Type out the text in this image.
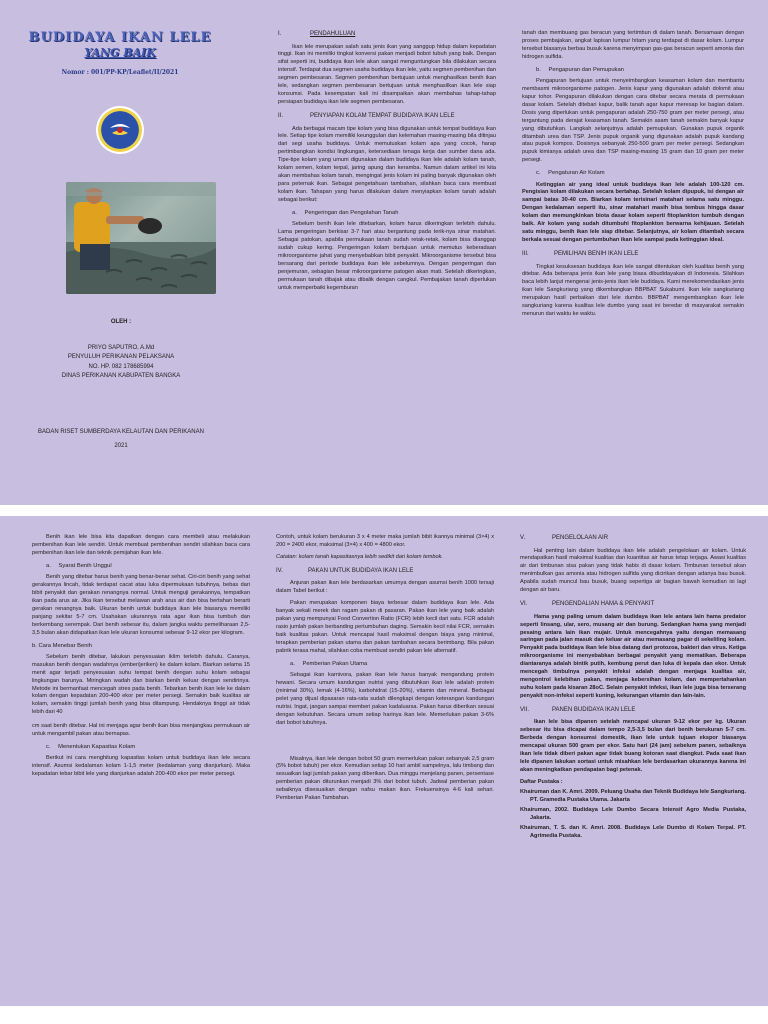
BUDIDAYA IKAN LELE
YANG BAIK
Nomor : 001/PP-KP/Leaflet/II/2021
OLEH :
PRIYO SAPUTRO, A.Md
PENYULUH PERIKANAN PELAKSANA
NO. HP. 082 178685994
DINAS PERIKANAN KABUPATEN BANGKA
BADAN RISET SUMBERDAYA KELAUTAN DAN PERIKANAN
2021
I.	PENDAHULUAN

Ikan lele merupakan salah satu jenis ikan yang sanggup hidup dalam kepadatan tinggi. Ikan ini memiliki tingkat konversi pakan menjadi bobot tubuh yang baik. Dengan sifat seperti ini, budidaya ikan lele akan sangat menguntungkan bila dilakukan secara intensif. Terdapat dua segmen usaha budidaya ikan lele, yaitu segmen pembenihan dan segmen pembesaran. Segmen pembenihan bertujuan untuk menghasilkan benih ikan lele, sedangkan segmen pembesaran bertujuan untuk menghasilkan ikan lele siap konsumsi. Pada kesempatan kali ini disampaikan akan membahas tahap-tahap persiapan budidaya ikan lele segmen pembesaran.

II.	PENYIAPAN KOLAM TEMPAT BUDIDAYA IKAN LELE

Ada berbagai macam tipe kolam yang bisa digunakan untuk tempat budidaya ikan lele. Setiap tipe kolam memiliki keunggulan dan kelemahan masing-masing bila ditinjau dari segi usaha budidaya. Untuk memutuskan kolam apa yang cocok, harap pertimbangkan kondisi lingkungan, ketersediaan tenaga kerja dan sumber dana ada. Tipe-tipe kolam yang umum digunakan dalam budidaya ikan lele adalah kolam tanah, kolam semen, kolam terpal, jaring apung dan keramba. Namun dalam artikel ini kita akan membahas kolam tanah, mengingat jenis kolam ini paling banyak digunakan oleh para peternak ikan. Sebagai pengetahuan tambahan, silahkan baca cara membuat kolam ikan. Tahapan yang harus dilakukan dalam menyiapkan kolam tanah adalah sebagai berikut:

a. Pengeringan dan Pengolahan Tanah

Sebelum benih ikan lele ditebarkan, kolam harus dikeringkan terlebih dahulu. Lama pengeringan berkisar 3-7 hari atau bergantung pada terik-nya sinar matahari. Sebagai patokan, apabila permukaan tanah sudah retak-retak, kolam bisa dianggap sudah cukup kering. Pengeringan kolam bertujuan untuk memutus keberadaan mikroorganisme jahat yang menyebabkan bibit penyakit. Mikroorganisme tersebut bisa bersarang dari periode budidaya ikan lele sebelumnya. Dengan pengeringan dan penjemuran, sebagian besar mikroorganisme patogen akan mati. Setelah dikeringkan, permukaan tanah dibajak atau dibalik dengan cangkul. Pembajakan tanah diperlukan untuk memperbaiki kegemburan

tanah dan membuang gas beracun yang tertimbun di dalam tanah. Bersamaan dengan proses pembajakan, angkat lapisan lumpur hitam yang terdapat di dasar kolam. Lumpur tersebut biasanya berbau busuk karena menyimpan gas-gas beracun seperti amonia dan hidrogen sulfida.

b. Pengapuran dan Pemupukan

Pengapuran bertujuan untuk menyeimbangkan keasaman kolam dan membantu membasmi mikroorganisme patogen. Jenis kapur yang digunakan adalah dolomit atau kapur tohor. Pengapuran dilakukan dengan cara ditebar secara merata di permukaan dasar kolam. Setelah ditebari kapur, balik tanah agar kapur meresap ke bagian dalam. Dosis yang diperlukan untuk pengapuran adalah 250-750 gram per meter persegi, atau tergantung pada derajat keasaman tanah. Semakin asam tanah semakin banyak kapur yang dibutuhkan. Langkah selanjutnya adalah pemupukan. Gunakan pupuk organik ditambah urea dan TSP. Jenis pupuk organik yang digunakan adalah pupuk kandang atau pupuk kompos. Dosisnya sebanyak 250-500 gram per meter persegi. Sedangkan pupuk kimianya adalah urea dan TSP masing-masing 15 gram dan 10 gram per meter persegi.

c. Pengaturan Air Kolam

Ketinggian air yang ideal untuk budidaya ikan lele adalah 100-120 cm. Pengisian kolam dilakukan secara bertahap. Setelah kolam dipupuk, isi dengan air sampai batas 30-40 cm. Biarkan kolam terisinari matahari selama satu minggu. Dengan kedalaman seperti itu, sinar matahari masih bisa tembus hingga dasar kolam dan memungkinkan biota dasar kolam seperti fitoplankton tumbuh dengan baik. Air kolam yang sudah ditumbuhi fitoplankton berwarna kehijauan. Setelah satu minggu, benih ikan lele siap ditebar. Selanjutnya, air kolam ditambah secara berkala sesuai dengan pertumbuhan ikan lele sampai pada ketinggian ideal.

III.	PEMILIHAN BENIH IKAN LELE

Tingkat kesuksesan budidaya ikan lele sangat ditentukan oleh kualitas benih yang ditebar. Ada beberapa jenis ikan lele yang biasa dibudidayakan di Indonesia. Silahkan baca lebih lanjut mengenai jenis-jenis ikan lele budidaya. Kami merekomendasikan jenis ikan lele Sangkuriang yang dikembangkan BBPBAT Sukabumi. Ikan lele sangkuriang merupakan hasil perbaikan dari lele dumbo. BBPBAT mengembangkan ikan lele sangkuriang karena kualitas lele dumbo yang saat ini beredar di masyarakat semakin menurun dari waktu ke waktu.

Benih ikan lele bisa kita dapatkan dengan cara membeli atau melakukan pembenihan ikan lele sendiri. Untuk membuat pembenihan sendiri silahkan baca cara pembenihan ikan lele dan teknik pemijahan ikan lele.

a. Syarat Benih Unggul

Benih yang ditebar harus benih yang benar-benar sehat. Ciri-ciri benih yang sehat gerakannya lincah, tidak terdapat cacat atau luka dipermukaan tubuhnya, bebas dari bibit penyakit dan gerakan renangnya normal. Untuk menguji gerakannya, tempatkan ikan pada arus air. Jika ikan tersebut melawan arah arus air dan bisa bertahan berarti gerakan renangnya baik. Ukuran benih untuk budidaya ikan lele biasanya memiliki panjang sekitar 5-7 cm. Usahakan ukurannya rata agar ikan bisa tumbuh dan berkembang serempak. Dari benih sebesar itu, dalam jangka waktu pemeliharaan 2,5-3,5 bulan akan didapatkan ikan lele ukuran konsumsi sebesar 9-12 ekor per kilogram.

b. Cara Menebar Benih

Sebelum benih ditebar, lakukan penyesuaian iklim terlebih dahulu. Caranya, masukan benih dengan wadahnya (ember/jeriken) ke dalam kolam. Biarkan selama 15 menit agar terjadi penyesuaian suhu tempat benih dengan suhu kolam sebagai lingkungan barunya. Miringkan wadah dan biarkan benih keluar dengan sendirinya. Metode ini bermanfaat mencegah stres pada benih. Tebarkan benih ikan lele ke dalam kolam dengan kepadatan 200-400 ekor per meter persegi. Semakin baik kualitas air kolam, semakin tinggi jumlah benih yang bisa ditampung. Hendaknya tinggi air tidak lebih dari 40

cm saat benih ditebar. Hal ini menjaga agar benih ikan bisa menjangkau permukaan air untuk mengambil pakan atau bernapas.

c. Menentukan Kapasitas Kolam

Berikut ini cara menghitung kapasitas kolam untuk budidaya ikan lele secara intensif. Asumsi kedalaman kolam 1-1,5 meter (kedalaman yang dianjurkan). Maka kepadatan tebar bibit lele yang dianjurkan adalah 200-400 ekor per meter persegi.

Contoh, untuk kolam berukuran 3 x 4 meter maka jumlah bibit ikannya minimal (3×4) x 200 = 2400 ekor, maksimal (3×4) x 400 = 4800 ekor.

Catatan: kolam tanah kapasitasnya lebih sedikit dari kolam tembok.

IV.	PAKAN UNTUK BUDIDAYA IKAN LELE

Anjuran pakan ikan lele berdasarkan umurnya dengan asumsi benih 1000 tersaji dalam Tabel berikut :

Pakan merupakan komponen biaya terbesar dalam budidaya ikan lele. Ada banyak sekali merek dan ragam pakan di pasaran. Pakan ikan lele yang baik adalah pakan yang mempunyai Food Convertion Ratio (FCR) lebih kecil dari satu. FCR adalah rasio jumlah pakan berbanding pertumbuhan daging. Semakin kecil nilai FCR, semakin baik kualitas pakan. Untuk mencapai hasil maksimal dengan biaya yang minimal, terapkan pemberian pakan utama dan pakan tambahan secara berimbang. Bila pakan pabrik terasa mahal, silahkan coba membuat sendiri pakan lele alternatif.

a. Pemberian Pakan Utama

Sebagai ikan karnivora, pakan ikan lele harus banyak mengandung protein hewani. Secara umum kandungan nutrisi yang dibutuhkan ikan lele adalah protein (minimal 30%), lemak (4-16%), karbohidrat (15-20%), vitamin dan mineral. Berbagai pelet yang dijual dipasaran rata-rata sudah dilengkapi dengan keterangan kandungan nutrisi. Ingat, jangan sampai memberi pakan kadaluarsa. Pakan harus diberikan sesuai dengan kebutuhan. Secara umum setiap harinya ikan lele. Memerlukan pakan 3-6% dari bobot tubuhnya.

Misalnya, ikan lele dengan bobot 50 gram memerlukan pakan sebanyak 2,5 gram (5% bobot tubuh) per ekor. Kemudian setiap 10 hari ambil sampelnya, lalu timbang dan sesuaikan lagi jumlah pakan yang diberikan. Dua minggu menjelang panen, persentase pemberian pakan diturunkan menjadi 3% dari bobot tubuh. Jadwal pemberian pakan sebaiknya disesuaikan dengan nafsu makan ikan. Frekuensinya 4-6 kali sehari. Pemberian Pakan Tambahan.

V.	PENGELOLAAN AIR

Hal penting lain dalam budidaya ikan lele adalah pengelolaan air kolam. Untuk mendapatkan hasil maksimal kualitas dan kuantitas air harus tetap terjaga. Awasi kualitas air dari timbunan sisa pakan yang tidak habis di dasar kolam. Timbunan tersebut akan menimbulkan gas amonia atau hidrogen sulfida yang dicirikan dengan adanya bau busuk. Apabila sudah muncul bau busuk, buang sepertiga air bagian bawah kemudian isi lagi dengan air baru.

VI.	PENGENDALIAN HAMA & PENYAKIT

Hama yang paling umum dalam budidaya ikan lele antara lain hama predator seperti linsang, ular, sero, musang air dan burung. Sedangkan hama yang menjadi pesaing antara lain ikan mujair. Untuk mencegahnya yaitu dengan memasang saringan pada jalan masuk dan keluar air atau memasang pagar di sekeliling kolam. Penyakit pada budidaya ikan lele bisa datang dari protozoa, bakteri dan virus. Ketiga mikroorganisme ini menyebabkan berbagai penyakit yang mematikan. Beberapa diantaranya adalah bintik putih, kembung perut dan luka di kepala dan ekor. Untuk mencegah timbulnya penyakit infeksi adalah dengan menjaga kualitas air, mengontrol kelebihan pakan, menjaga kebersihan kolam, dan mempertahankan suhu kolam pada kisaran 28oC. Selain penyakit infeksi, ikan lele juga bisa terserang penyakit non-infeksi seperti kuning, kekurangan vitamin dan lain-lain.

VII.	PANEN BUDIDAYA IKAN LELE

Ikan lele bisa dipanen setelah mencapai ukuran 9-12 ekor per kg. Ukuran sebesar itu bisa dicapai dalam tempo 2,5-3,5 bulan dari benih berukuran 5-7 cm. Berbeda dengan konsumsi domestik, ikan lele untuk tujuan ekspor biasanya mencapai ukuran 500 gram per ekor. Satu hari (24 jam) sebelum panen, sebaiknya ikan lele tidak diberi pakan agar tidak buang kotoran saat diangkut. Pada saat ikan lele dipanen lakukan sortasi untuk misahkan lele berdasarkan ukurannya karena ini akan meningkatkan pendapatan bagi petenak.

Daftar Pustaka :

Khairuman dan K. Amri. 2009. Peluang Usaha dan Teknik Budidaya lele Sangkuriang. PT. Gramedia Pustaka Utama. Jakarta

Khairuman, 2002. Budidaya Lele Dumbo Secara Intensif Agro Media Pustaka, Jakarta.

Khairuman, T. S. dan K. Amri. 2008. Budidaya Lele Dumbo di Kolam Terpal. PT. Agrimedia Pustaka.
